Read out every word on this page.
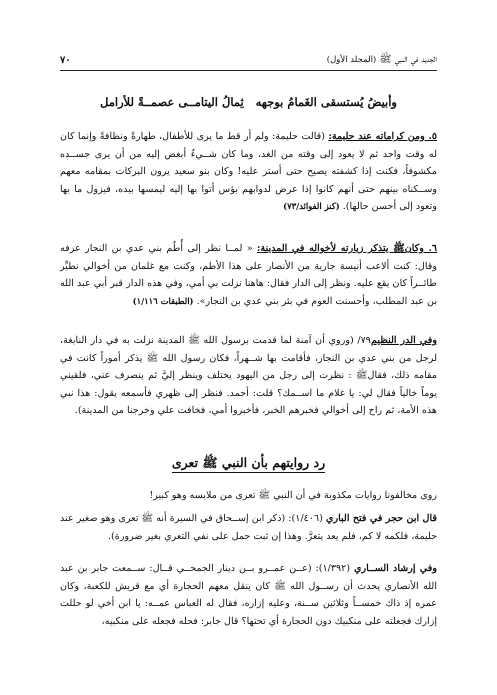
الجديد في النبي ﷺ (المجلد الأول)
٧٠
وأبيضُ يُستسقى الغَمامُ بوجهه
ثِمالُ اليتامــى عصمــةً للأرامل

٥. ومن كراماته عند حليمة: (قالت حليمة: ولم أر قط ما يرى للأطفال، طهارةً ونظافةً وإنما كان له وقت واحد ثم لا يعود إلى وقته من الغد، وما كان شــيءٌ أبغض إليه من أن يرى جســده مكشوفاً، فكنت إذا كشفته يصيح حتى أستر عليه! وكان بنو سعيد يرون البركات بمقامه معهم وســكناه بينهم حتى أنهم كانوا إذا عرض لدوابهم بؤس أتوا بها إليه ليمسها بيده، فيزول ما بها وتعود إلى أحسن حالها). (كنز الفوائد/٧٣)

٦. وكانﷺ يتذكر زيارته لأخواله في المدينة: « لمــا نظر إلى أُطُم بني عدي بن النجار عرفه وقال: كنت ألاعب أنيسة جارية من الأنصار على هذا الأطم، وكنت مع غلمان من أخوالي نطيِّر طائــراً كان يقع عليه. ونظر إلى الدار فقال: هاهنا نزلت بي أمي، وفي هذه الدار قبر أبي عبد الله بن عبد المطلب، وأحسنت العوم في بئر بني عدي بن النجار». (الطبقات ١/١١٦)

وفي الدر النظيم٧٩/ (وروي أن آمنة لما قدمت برسول الله ﷺ المدينة نزلت به في دار النابغة، لرجل من بني عدي بن النجار، فأقامت بها شــهراً، فكان رسول الله ﷺ يذكر أموراً كانت في مقامه ذلك، فقالﷺ : نظرت إلى رجل من اليهود يختلف وينظر إليَّ ثم ينصرف عني، فلقيني يوماً خالياً فقال لي: يا غلام ما اســمك؟ قلت: أحمد. فنظر إلى ظهري فأسمعه يقول: هذا نبي هذه الأمة، ثم راح إلى أخوالي فخبرهم الخبر، فأخبروا أمي، فخافت علي وخرجنا من المدينة).

رد روايتهم بأن النبي ﷺ تعرى

روى مخالفونا روايات مكذوبة في أن النبي ﷺ تعرى من ملابسه وهو كبير!

قال ابن حجر في فتح الباري (١/٤٠٦): (ذكر ابن إســحاق في السيرة أنه ﷺ تعرى وهو صغير عند حليمة، فلكمه لا كم، فلم يعد يتعرَّ. وهذا إن ثبت حمل على نفي التعري بغير ضرورة).

وفي إرشاد الســاري (١/٣٩٢): (عــن عمــرو بــن دينار الجمحــي قــال: ســمعت جابر بن عبد الله الأنصاري يحدث أن رســول الله ﷺ كان ينقل معهم الحجارة أي مع قريش للكعبة، وكان عمره إذ ذاك خمســاً وثلاثين ســنة، وعليه إزاره، فقال له العباس عمــه: يا ابن أخي لو حللت إزارك فجعلته على منكبيك دون الحجارة أي تحتها؟ قال جابر: فحله فجعله على منكبيه،
